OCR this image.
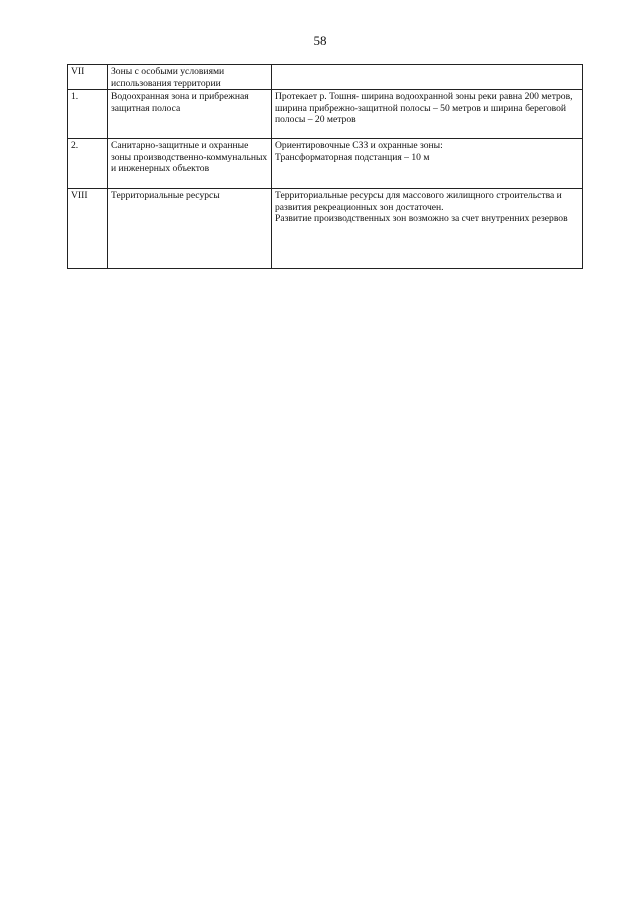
58
VII	Зоны с особыми условиями использования территории	

1.	Водоохранная зона и прибрежная защитная полоса	Протекает р. Тошня- ширина водоохранной зоны реки равна 200 метров, ширина прибрежно-защитной полосы – 50 метров и ширина береговой полосы – 20 метров

2.	Санитарно-защитные и охранные зоны производственно-коммунальных и инженерных объектов	Ориентировочные СЗЗ и охранные зоны:
Трансформаторная подстанция – 10 м

VIII	Территориальные ресурсы	Территориальные ресурсы для массового жилищного строительства и развития рекреационных зон достаточен.
Развитие производственных зон возможно за счет внутренних резервов
